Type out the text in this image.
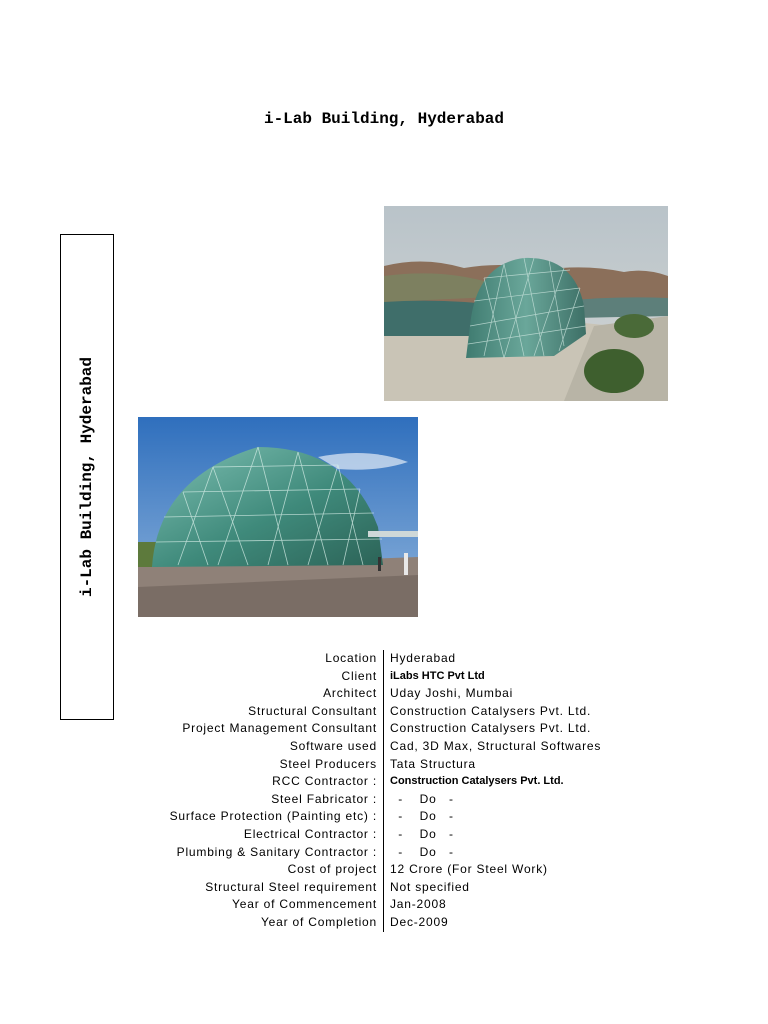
i-Lab Building, Hyderabad
i-Lab Building, Hyderabad
Location	Hyderabad
Client	iLabs HTC Pvt Ltd
Architect	Uday Joshi, Mumbai
Structural Consultant	Construction Catalysers Pvt. Ltd.
Project Management Consultant	Construction Catalysers Pvt. Ltd.
Software used	Cad, 3D Max, Structural Softwares
Steel Producers	Tata Structura
RCC Contractor :	Construction Catalysers Pvt. Ltd.
Steel Fabricator :	-    Do   -
Surface Protection (Painting etc) :	-    Do   -
Electrical Contractor :	-    Do   -
Plumbing & Sanitary Contractor :	-    Do   -
Cost of project	12 Crore (For Steel Work)
Structural Steel requirement	Not specified
Year of Commencement	Jan-2008
Year of Completion	Dec-2009
